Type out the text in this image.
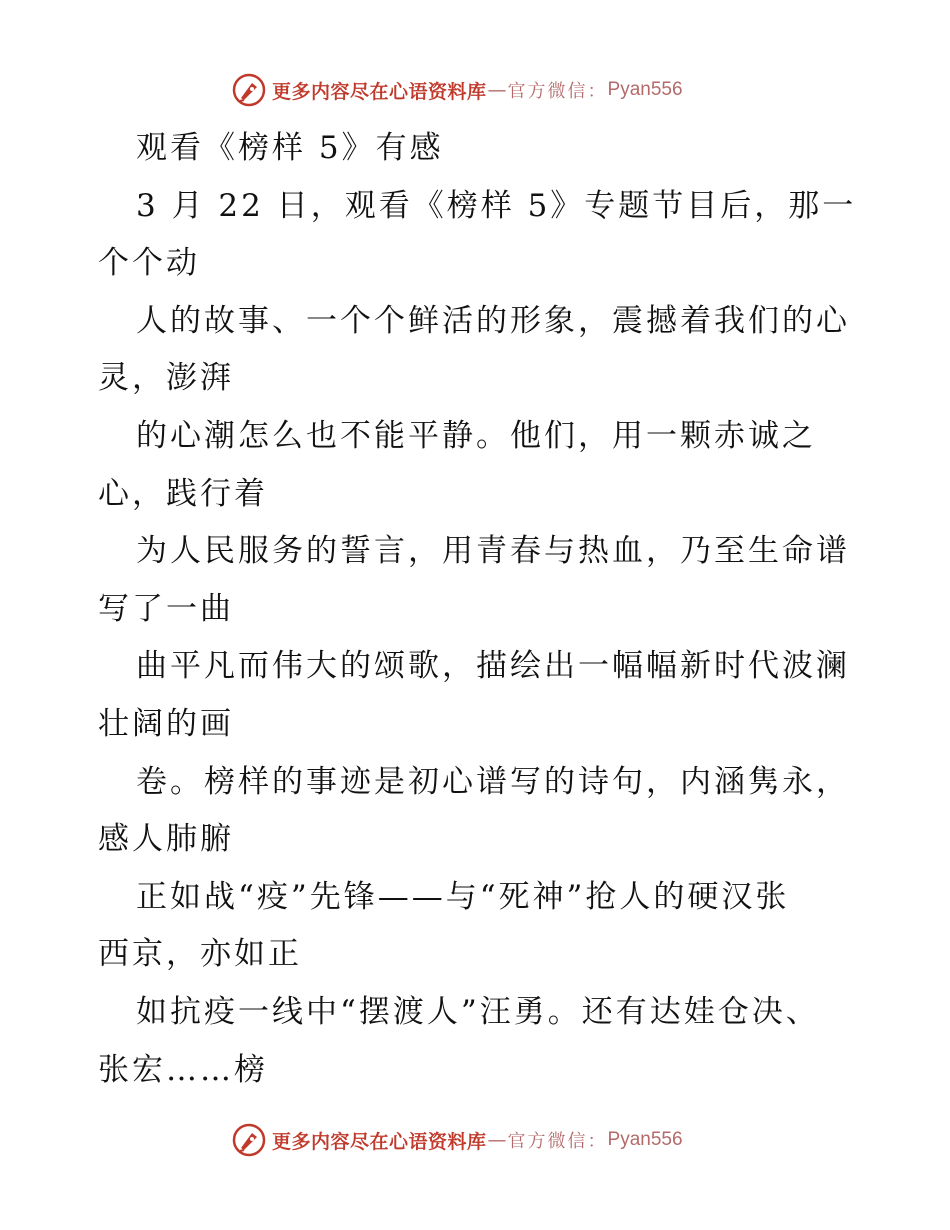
更多内容尽在心语资料库 — 官方微信： Pyan556
观看《榜样 5》有感
3 月 22 日，观看《榜样 5》专题节目后，那一
个个动
人的故事、一个个鲜活的形象，震撼着我们的心
灵，澎湃
的心潮怎么也不能平静。他们，用一颗赤诚之
心，践行着
为人民服务的誓言，用青春与热血，乃至生命谱
写了一曲
曲平凡而伟大的颂歌，描绘出一幅幅新时代波澜
壮阔的画
卷。榜样的事迹是初心谱写的诗句，内涵隽永，
感人肺腑
正如战“疫”先锋——与“死神”抢人的硬汉张
西京，亦如正
如抗疫一线中“摆渡人”汪勇。还有达娃仓决、
张宏……榜
更多内容尽在心语资料库 — 官方微信： Pyan556
